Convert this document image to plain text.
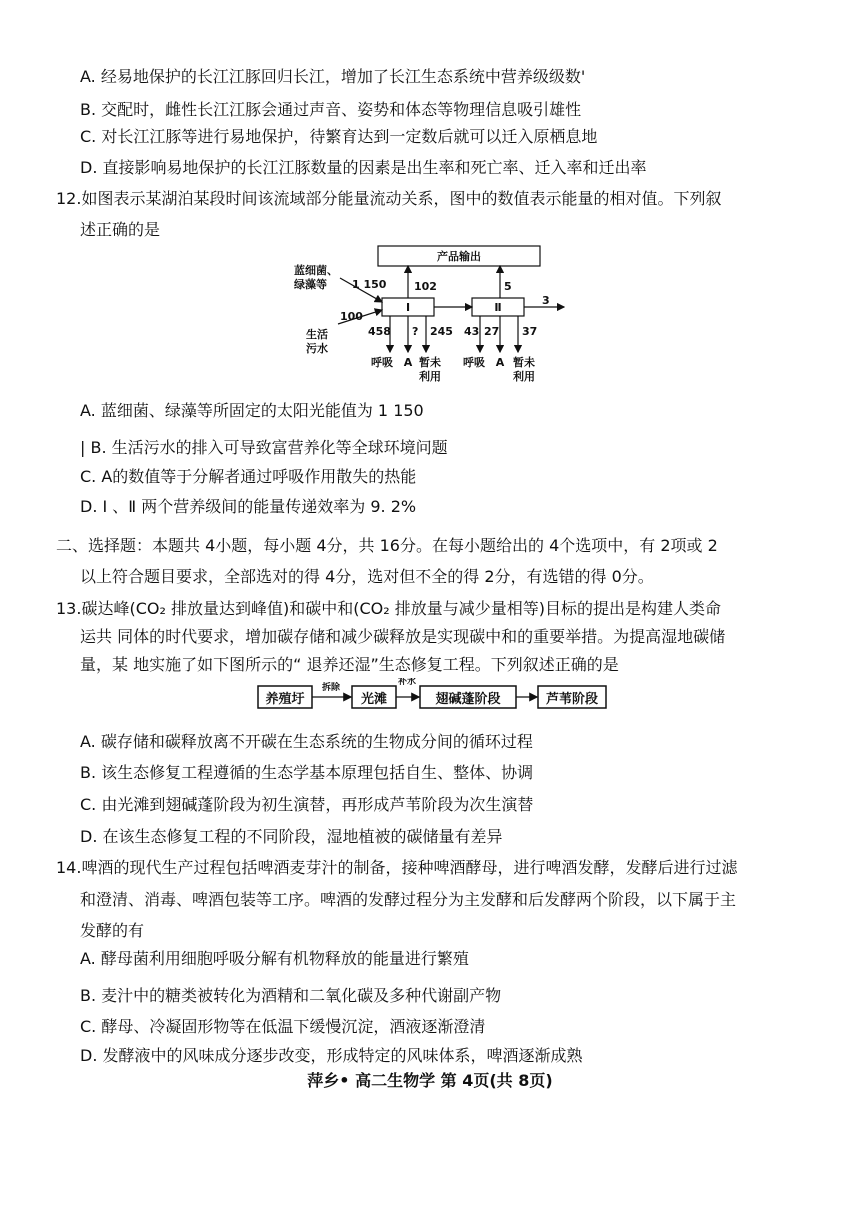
A. 经易地保护的长江江豚回归长江，增加了长江生态系统中营养级级数'
B. 交配时，雌性长江江豚会通过声音、姿势和体态等物理信息吸引雄性
C. 对长江江豚等进行易地保护，待繁育达到一定数后就可以迁入原栖息地
D. 直接影响易地保护的长江江豚数量的因素是出生率和死亡率、迁入率和迁出率
12.如图表示某湖泊某段时间该流域部分能量流动关系，图中的数值表示能量的相对值。下列叙
述正确的是
产品输出
Ⅰ	Ⅱ
蓝细菌、
绿藻等
生活
污水
1 150
100
102	5
3
458 ? 245 43 27 37
呼吸 A 暂未
利用
呼吸 A 暂未
利用
A. 蓝细菌、绿藻等所固定的太阳光能值为 1 150
| B. 生活污水的排入可导致富营养化等全球环境问题
C. A的数值等于分解者通过呼吸作用散失的热能
D. Ⅰ 、Ⅱ 两个营养级间的能量传递效率为 9. 2%
二、选择题：本题共 4小题，每小题 4分，共 16分。在每小题给出的 4个选项中，有 2项或 2
以上符合题目要求，全部选对的得 4分，选对但不全的得 2分，有选错的得 0分。
13.碳达峰(CO₂ 排放量达到峰值)和碳中和(CO₂ 排放量与减少量相等)目标的提出是构建人类命
运共 同体的时代要求，增加碳存储和减少碳释放是实现碳中和的重要举措。为提高湿地碳储
量，某 地实施了如下图所示的“ 退养还湿”生态修复工程。下列叙述正确的是
养殖圩
拆除
光滩
补水
翅碱蓬阶段	芦苇阶段
A. 碳存储和碳释放离不开碳在生态系统的生物成分间的循环过程
B. 该生态修复工程遵循的生态学基本原理包括自生、整体、协调
C. 由光滩到翅碱蓬阶段为初生演替，再形成芦苇阶段为次生演替
D. 在该生态修复工程的不同阶段，湿地植被的碳储量有差异
14.啤酒的现代生产过程包括啤酒麦芽汁的制备，接种啤酒酵母，进行啤酒发酵，发酵后进行过滤
和澄清、消毒、啤酒包装等工序。啤酒的发酵过程分为主发酵和后发酵两个阶段，以下属于主
发酵的有
A. 酵母菌利用细胞呼吸分解有机物释放的能量进行繁殖
B. 麦汁中的糖类被转化为酒精和二氧化碳及多种代谢副产物
C. 酵母、冷凝固形物等在低温下缓慢沉淀，酒液逐渐澄清
D. 发酵液中的风味成分逐步改变，形成特定的风味体系，啤酒逐渐成熟
萍乡• 高二生物学 第 4页(共 8页)
